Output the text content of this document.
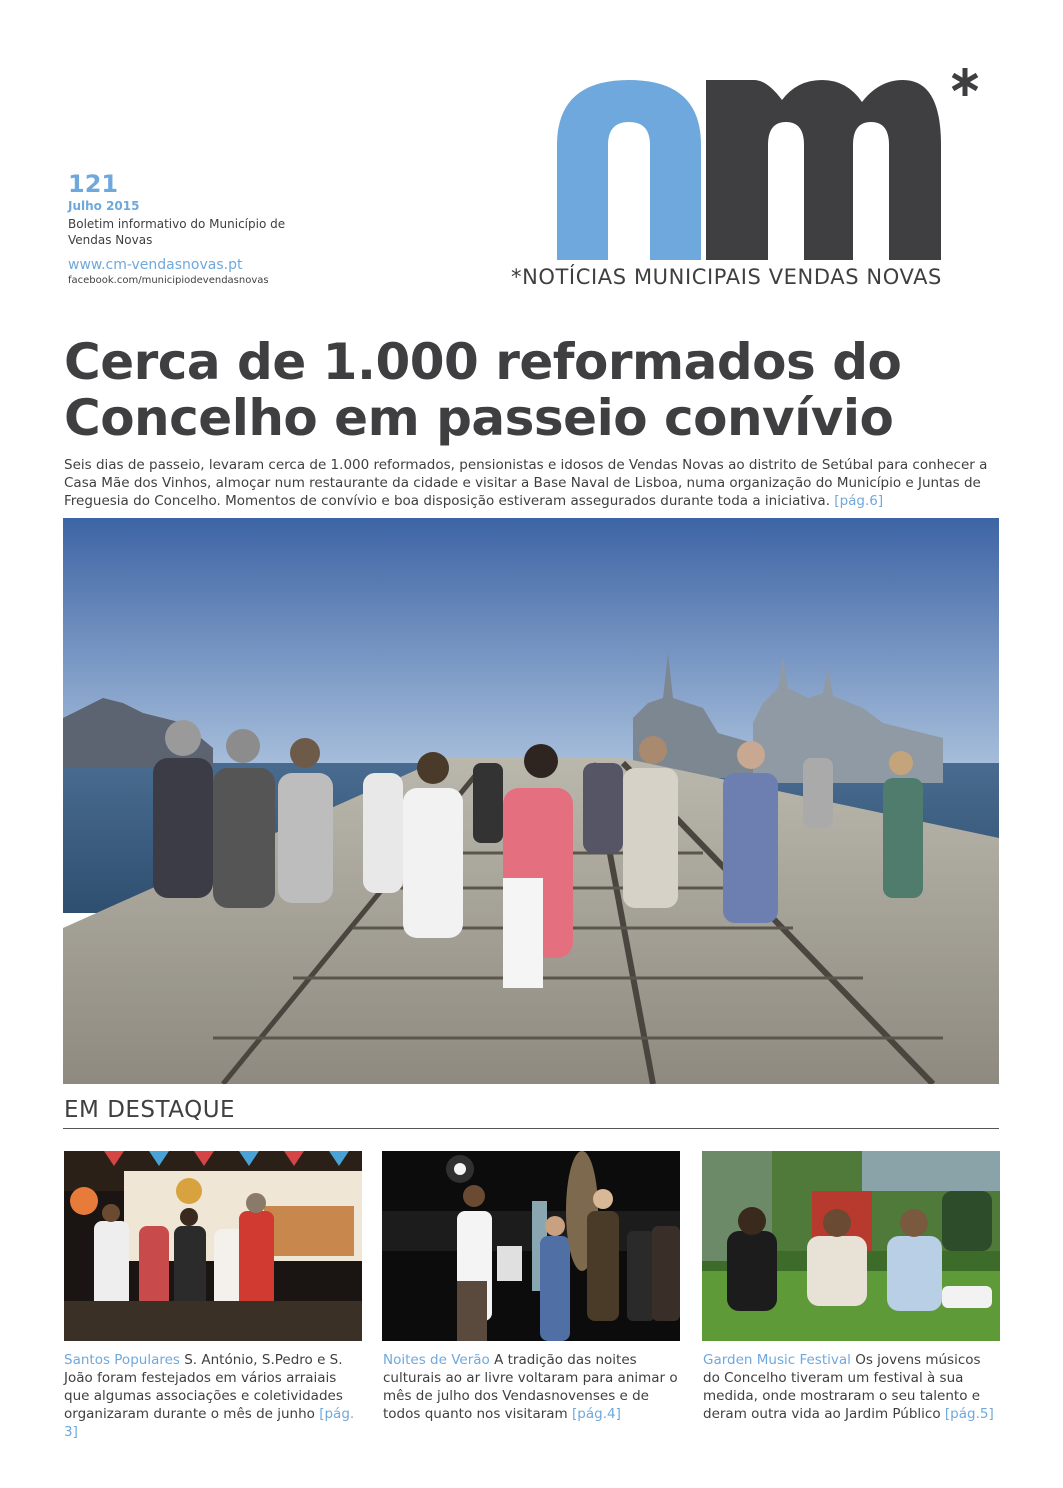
121
Julho 2015
Boletim informativo do Município de Vendas Novas
www.cm-vendasnovas.pt
facebook.com/municipiodevendasnovas	*NOTÍCIAS MUNICIPAIS VENDAS NOVAS
Cerca de 1.000 reformados do Concelho em passeio convívio
Seis dias de passeio, levaram cerca de 1.000 reformados, pensionistas e idosos de Vendas Novas ao distrito de Setúbal para conhecer a Casa Mãe dos Vinhos, almoçar num restaurante da cidade e visitar a Base Naval de Lisboa, numa organização do Município e Juntas de Freguesia do Concelho. Momentos de convívio e boa disposição estiveram assegurados durante toda a iniciativa. [pág.6]
EM DESTAQUE
Santos Populares S. António, S.Pedro e S. João foram festejados em vários arraiais que algumas associações e coletividades organizaram durante o mês de junho [pág. 3]
Noites de Verão A tradição das noites culturais ao ar livre voltaram para animar o mês de julho dos Vendasnovenses e de todos quanto nos visitaram [pág.4]
Garden Music Festival Os jovens músicos do Concelho tiveram um festival à sua medida, onde mostraram o seu talento e deram outra vida ao Jardim Público [pág.5]
